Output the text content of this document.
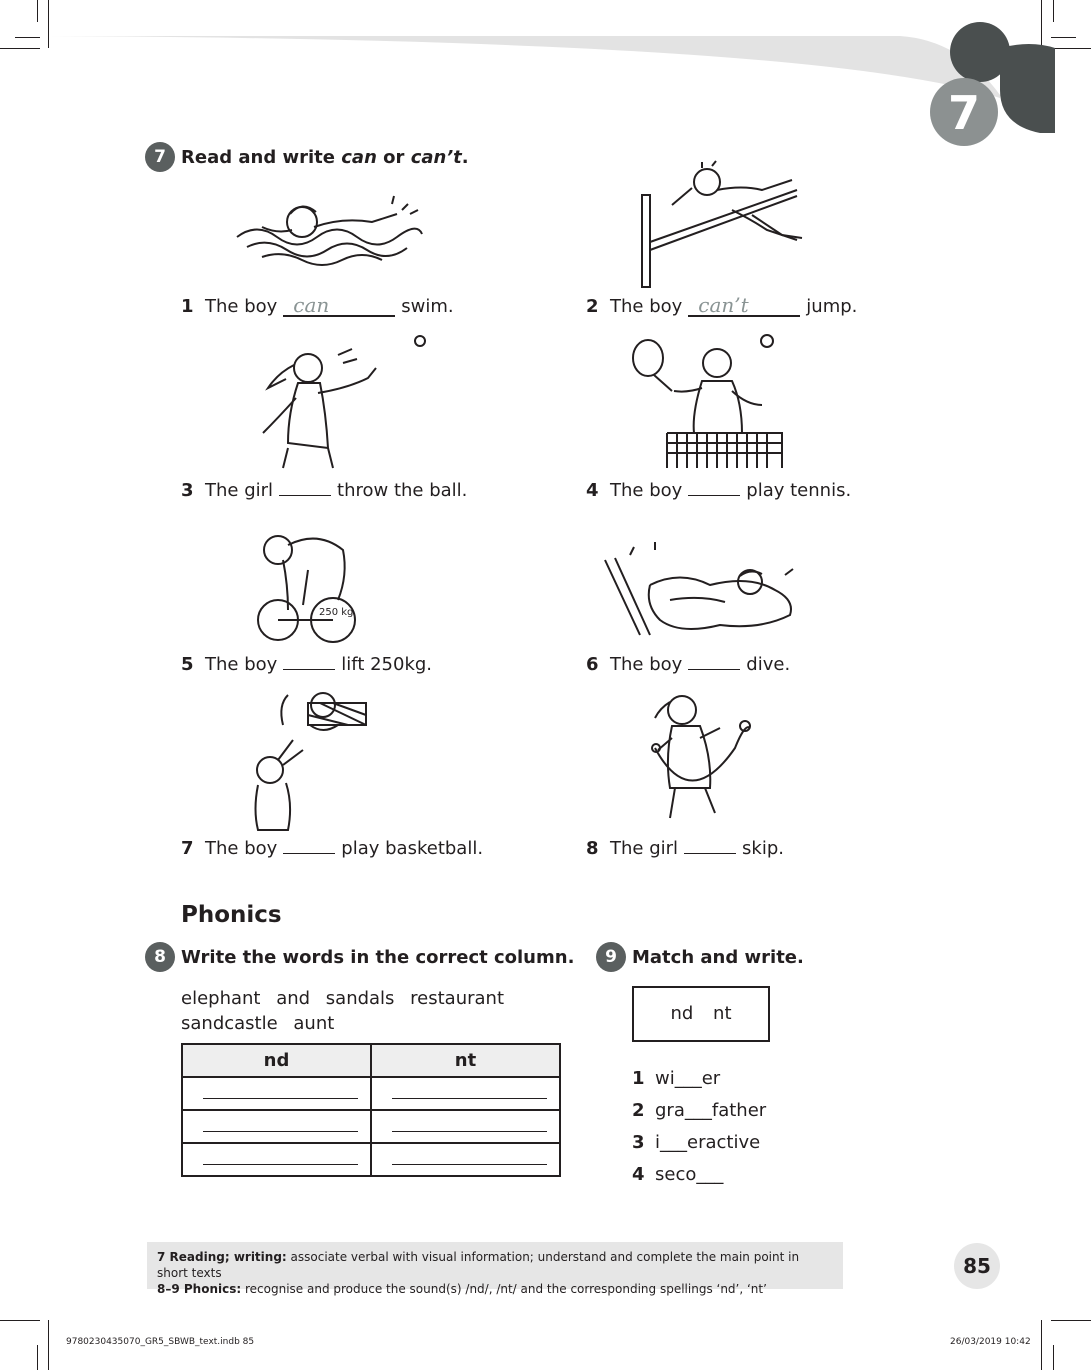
7
7 Read and write
can
or
can’t .
250 kg
1 The boy can	swim.	2 The boy can’t	jump.
3 The girl	throw the ball.	4 The boy	play tennis.
5 The boy	lift 250kg.	6 The boy	dive.
7 The boy	play basketball.	8 The girl	skip.
Phonics
8 Write the words in the correct column.
elephant and sandals restaurant
sandcastle aunt
nd	nt

9 Match and write.
nd nt
1 wi___er
2 gra___father
3 i___eractive
4 seco___
7 Reading; writing: associate verbal with visual information; understand and complete the main point in short texts
8–9 Phonics: recognise and produce the sound(s) /nd/, /nt/ and the corresponding spellings ‘nd’, ‘nt’
85
9780230435070_GR5_SBWB_text.indb 85	26/03/2019 10:42
